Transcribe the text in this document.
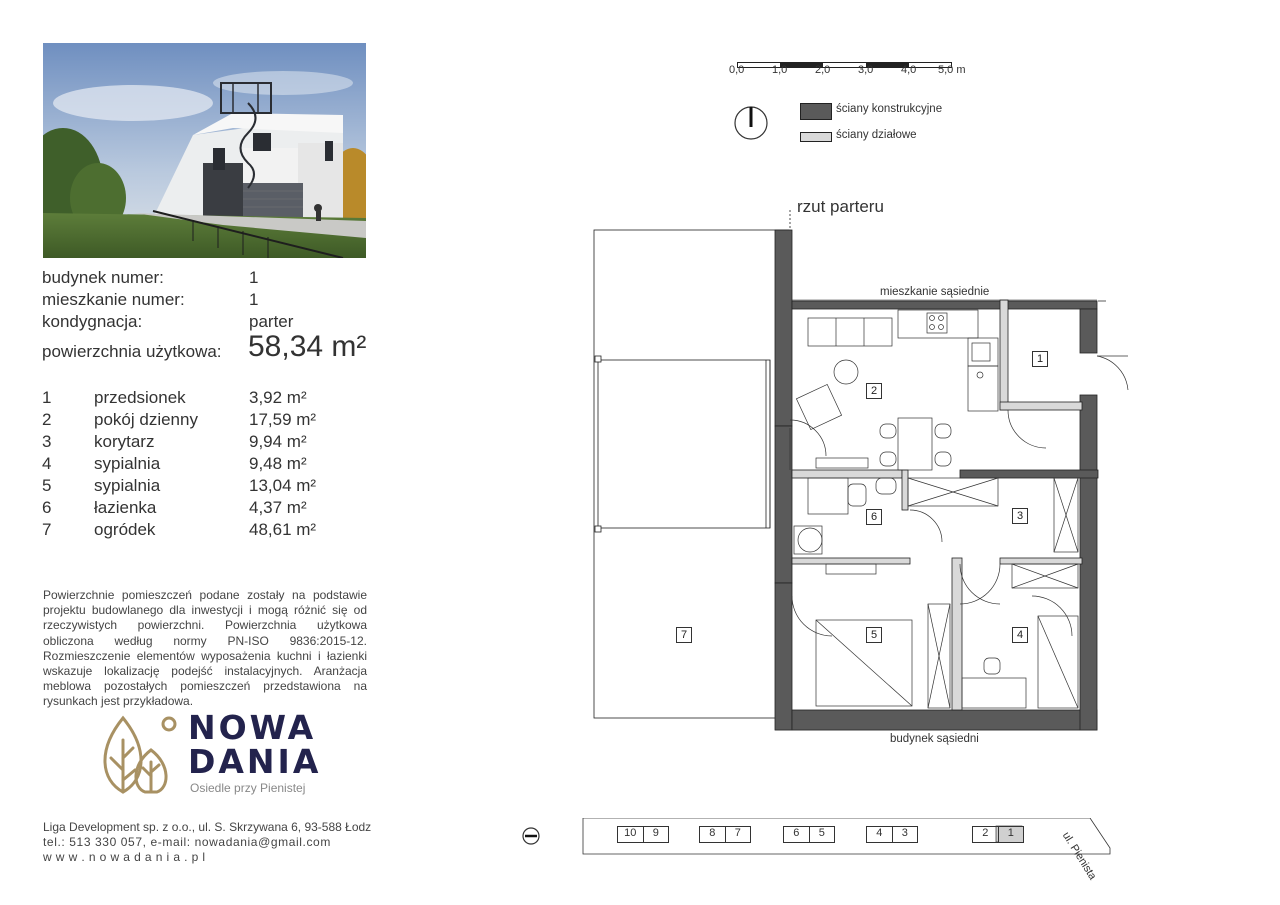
budynek numer:	1
mieszkanie numer:	1
kondygnacja:	parter
powierzchnia użytkowa: 58,34 m²
1	przedsionek	3,92 m²
2	pokój dzienny	17,59 m²
3	korytarz	9,94 m²
4	sypialnia	9,48 m²
5	sypialnia	13,04 m²
6	łazienka	4,37 m²
7	ogródek	48,61 m²
Powierzchnie pomieszczeń podane zostały na podstawie projektu budowlanego dla inwestycji i mogą różnić się od rzeczywistych powierzchni. Powierzchnia użytkowa obliczona według normy PN-ISO 9836:2015-12. Rozmieszczenie elementów wyposażenia kuchni i łazienki wskazuje lokalizację podejść instalacyjnych. Aranżacja meblowa pozostałych pomieszczeń przedstawiona na rysunkach jest przykładowa.
NOWA
DANIA
Osiedle przy Pienistej
Liga Development sp. z o.o., ul. S. Skrzywana 6, 93-588 Łodz
tel.: 513 330 057, e-mail: nowadania@gmail.com
w w w . n o w a d a n i a . p l
0,0	1,0	2,0	3,0	4,0 5,0 m
ściany konstrukcyjne
ściany działowe
rzut parteru
mieszkanie sąsiednie
budynek sąsiedni
1
2
3
4
5
6
7
10	9	8	7	6	5	4	3	2	1	ul. Pienista
